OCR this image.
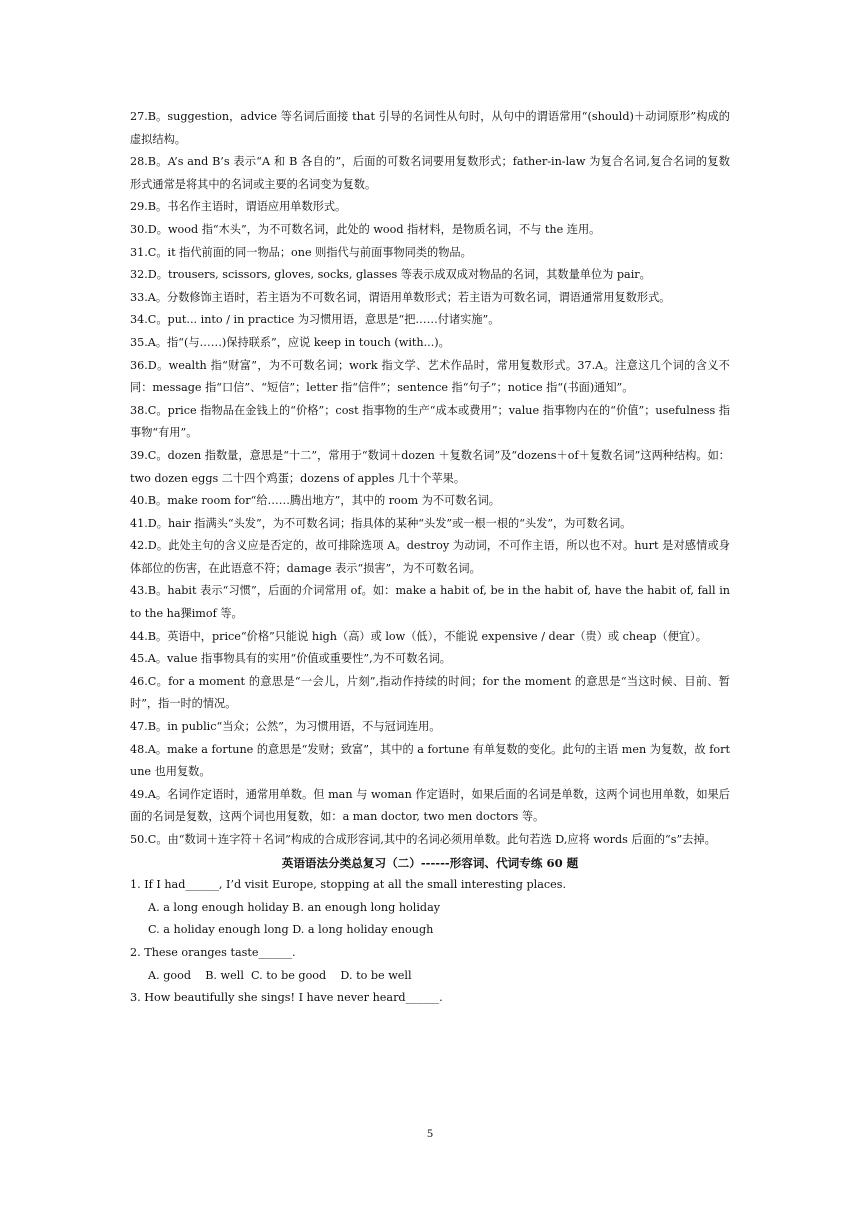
27.B。suggestion，advice 等名词后面接 that 引导的名词性从句时，从句中的谓语常用“(should)＋动词原形”构成的虚拟结构。

28.B。A’s and B’s 表示“A 和 B 各自的”，后面的可数名词要用复数形式；father-in-law 为复合名词,复合名词的复数形式通常是将其中的名词或主要的名词变为复数。

29.B。书名作主语时，谓语应用单数形式。

30.D。wood 指“木头”，为不可数名词，此处的 wood 指材料，是物质名词，不与 the 连用。

31.C。it 指代前面的同一物品；one 则指代与前面事物同类的物品。

32.D。trousers, scissors, gloves, socks, glasses 等表示成双成对物品的名词，其数量单位为 pair。

33.A。分数修饰主语时，若主语为不可数名词，谓语用单数形式；若主语为可数名词，谓语通常用复数形式。

34.C。put... into / in practice 为习惯用语，意思是“把……付诸实施”。

35.A。指“(与……)保持联系”，应说 keep in touch (with...)。

36.D。wealth 指“财富”，为不可数名词；work 指文学、艺术作品时，常用复数形式。37.A。注意这几个词的含义不同：message 指“口信”、“短信”；letter 指“信件”；sentence 指“句子”；notice 指“(书面)通知”。

38.C。price 指物品在金钱上的“价格”；cost 指事物的生产“成本或费用”；value 指事物内在的“价值”；usefulness 指事物“有用”。

39.C。dozen 指数量，意思是“十二”，常用于“数词＋dozen ＋复数名词”及“dozens＋of＋复数名词”这两种结构。如：two dozen eggs 二十四个鸡蛋；dozens of apples 几十个苹果。

40.B。make room for“给……腾出地方”，其中的 room 为不可数名词。

41.D。hair 指满头“头发”，为不可数名词；指具体的某种“头发”或一根一根的“头发”，为可数名词。

42.D。此处主句的含义应是否定的，故可排除选项 A。destroy 为动词，不可作主语，所以也不对。hurt 是对感情或身体部位的伤害，在此语意不符；damage 表示“损害”，为不可数名词。

43.B。habit 表示“习惯”，后面的介词常用 of。如：make a habit of, be in the habit of, have the habit of, fall into the ha猓imof 等。

44.B。英语中，price“价格”只能说 high（高）或 low（低），不能说 expensive / dear（贵）或 cheap（便宜）。

45.A。value 指事物具有的实用“价值或重要性”,为不可数名词。

46.C。for a moment 的意思是“一会儿，片刻”,指动作持续的时间；for the moment 的意思是“当这时候、目前、暂时”，指一时的情况。

47.B。in public“当众；公然”，为习惯用语，不与冠词连用。

48.A。make a fortune 的意思是“发财；致富”，其中的 a fortune 有单复数的变化。此句的主语 men 为复数，故 fortune 也用复数。

49.A。名词作定语时，通常用单数。但 man 与 woman 作定语时，如果后面的名词是单数，这两个词也用单数，如果后面的名词是复数，这两个词也用复数，如：a man doctor, two men doctors 等。

50.C。由“数词＋连字符＋名词”构成的合成形容词,其中的名词必须用单数。此句若选 D,应将 words 后面的“s”去掉。

英语语法分类总复习（二）------形容词、代词专练 60 题

1. If I had______, I’d visit Europe, stopping at all the small interesting places.

A. a long enough holiday B. an enough long holiday

C. a holiday enough long D. a long holiday enough

2. These oranges taste______.

A. good    B. well  C. to be good    D. to be well

3. How beautifully she sings! I have never heard______.

5
